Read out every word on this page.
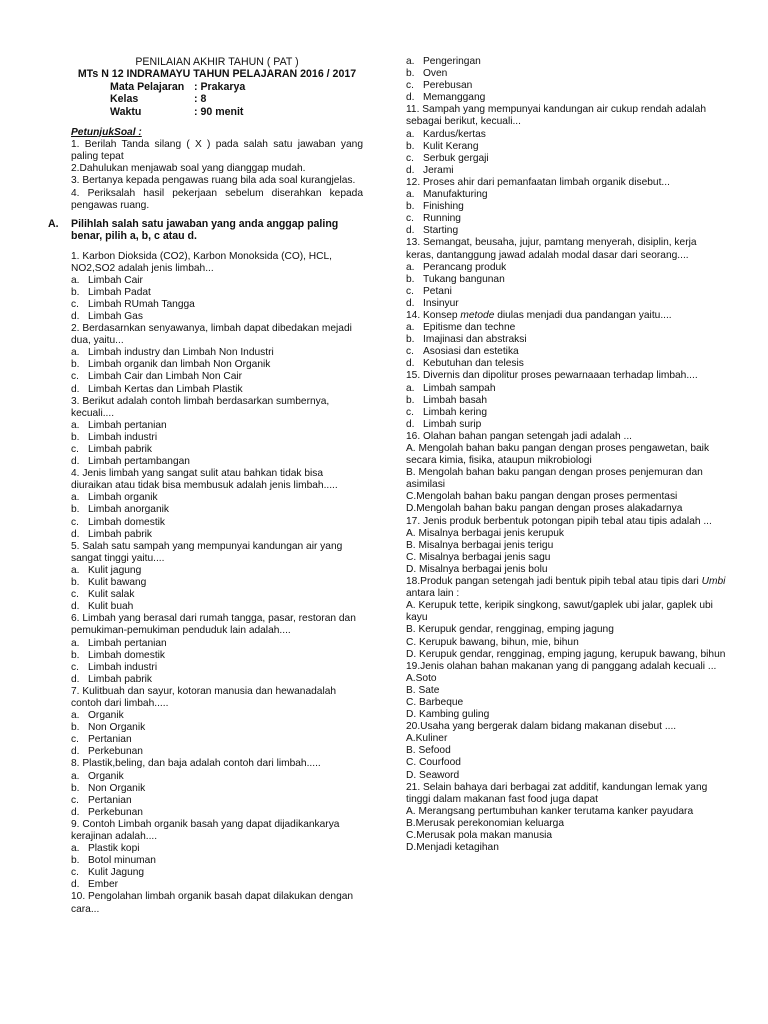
PENILAIAN AKHIR TAHUN ( PAT )
MTs N 12 INDRAMAYU TAHUN PELAJARAN 2016 / 2017
Mata Pelajaran : Prakarya
Kelas	: 8
Waktu	: 90 menit
PetunjukSoal :
1. Berilah Tanda silang ( X ) pada salah satu jawaban yang paling tepat
2.Dahulukan menjawab soal yang dianggap mudah.
3. Bertanya kepada pengawas ruang bila ada soal kurangjelas.
4. Periksalah hasil pekerjaan sebelum diserahkan kepada pengawas ruang.
A.	Pilihlah salah satu jawaban yang anda anggap paling benar, pilih a, b, c atau d.
1. Karbon Dioksida (CO2), Karbon Monoksida (CO), HCL, NO2,SO2 adalah jenis limbah...
a. Limbah Cair
b. Limbah Padat
c. Limbah RUmah Tangga
d. Limbah Gas
2. Berdasarnkan senyawanya, limbah dapat dibedakan mejadi dua, yaitu...
a. Limbah industry dan Limbah Non Industri
b. Limbah organik dan limbah Non Organik
c. Limbah Cair dan Limbah Non Cair
d. Limbah Kertas dan Limbah Plastik
3. Berikut adalah contoh limbah berdasarkan sumbernya, kecuali....
a. Limbah pertanian
b. Limbah industri
c. Limbah pabrik
d. Limbah pertambangan
4. Jenis limbah yang sangat sulit atau bahkan tidak bisa diuraikan atau tidak bisa membusuk adalah jenis limbah.....
a. Limbah organik
b. Limbah anorganik
c. Limbah domestik
d. Limbah pabrik
5. Salah satu sampah yang mempunyai kandungan air yang sangat tinggi yaitu....
a. Kulit jagung
b. Kulit bawang
c. Kulit salak
d. Kulit buah
6. Limbah yang berasal dari rumah tangga, pasar, restoran dan pemukiman-pemukiman penduduk lain adalah....
a. Limbah pertanian
b. Limbah domestik
c. Limbah industri
d. Limbah pabrik
7. Kulitbuah dan sayur, kotoran manusia dan hewanadalah contoh dari limbah.....
a. Organik
b. Non Organik
c. Pertanian
d. Perkebunan
8. Plastik,beling, dan baja adalah contoh dari limbah.....
a. Organik
b. Non Organik
c. Pertanian
d. Perkebunan
9. Contoh Limbah organik basah yang dapat dijadikankarya kerajinan adalah....
a. Plastik kopi
b. Botol minuman
c. Kulit Jagung
d. Ember
10. Pengolahan limbah organik basah dapat dilakukan dengan cara...
a. Pengeringan
b. Oven
c. Perebusan
d. Memanggang
11. Sampah yang mempunyai kandungan air cukup rendah adalah sebagai berikut, kecuali...
a. Kardus/kertas
b. Kulit Kerang
c. Serbuk gergaji
d. Jerami
12. Proses ahir dari pemanfaatan limbah organik disebut...
a. Manufakturing
b. Finishing
c. Running
d. Starting
13. Semangat, beusaha, jujur, pamtang menyerah, disiplin, kerja keras, dantanggung jawad adalah modal dasar dari seorang....
a. Perancang produk
b. Tukang bangunan
c. Petani
d. Insinyur
14. Konsep metode diulas menjadi dua pandangan yaitu....
a. Epitisme dan techne
b. Imajinasi dan abstraksi
c. Asosiasi dan estetika
d. Kebutuhan dan telesis
15. Divernis dan dipolitur proses pewarnaaan terhadap limbah....
a. Limbah sampah
b. Limbah basah
c. Limbah kering
d. Limbah surip
16. Olahan bahan pangan setengah jadi adalah ...
A. Mengolah bahan baku pangan dengan proses pengawetan, baik secara kimia, fisika, ataupun mikrobiologi
B. Mengolah bahan baku pangan dengan proses penjemuran dan asimilasi
C.Mengolah bahan baku pangan dengan proses permentasi
D.Mengolah bahan baku pangan dengan proses alakadarnya
17. Jenis produk berbentuk potongan pipih tebal atau tipis adalah ...
A. Misalnya berbagai jenis kerupuk
B. Misalnya berbagai jenis terigu
C. Misalnya berbagai jenis sagu
D. Misalnya berbagai jenis bolu
18.Produk pangan setengah jadi bentuk pipih tebal atau tipis dari Umbi antara lain :
A. Kerupuk tette, keripik singkong, sawut/gaplek ubi jalar, gaplek ubi kayu
B. Kerupuk gendar, rengginag, emping jagung
C. Kerupuk bawang, bihun, mie, bihun
D. Kerupuk gendar, rengginag, emping jagung, kerupuk bawang, bihun
19.Jenis olahan bahan makanan yang di panggang adalah kecuali ...
A.Soto
B. Sate
C. Barbeque
D. Kambing guling
20.Usaha yang bergerak dalam bidang makanan disebut ....
A.Kuliner
B. Sefood
C. Courfood
D. Seaword
21. Selain bahaya dari berbagai zat additif, kandungan lemak yang tinggi dalam makanan fast food juga dapat
A. Merangsang pertumbuhan kanker terutama kanker payudara
B.Merusak perekonomian keluarga
C.Merusak pola makan manusia
D.Menjadi ketagihan
